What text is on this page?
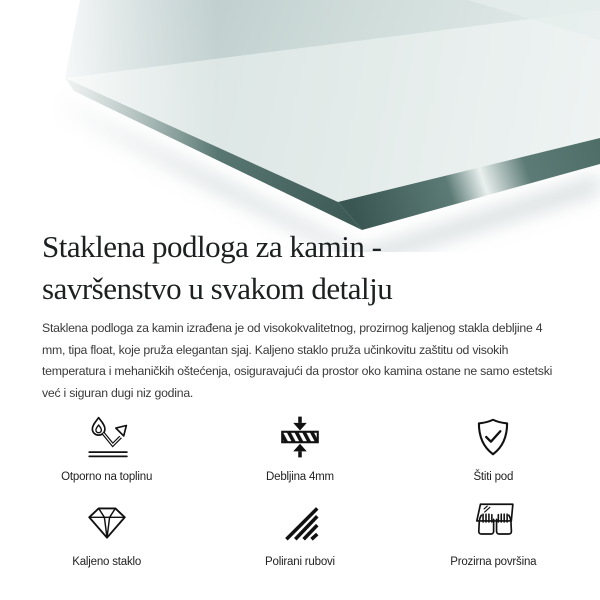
Staklena podloga za kamin -
savršenstvo u svakom detalju

Staklena podloga za kamin izrađena je od visokokvalitetnog, prozirnog kaljenog stakla debljine 4 mm, tipa float, koje pruža elegantan sjaj. Kaljeno staklo pruža učinkovitu zaštitu od visokih temperatura i mehaničkih oštećenja, osiguravajući da prostor oko kamina ostane ne samo estetski već i siguran dugi niz godina.

Otporno na toplinu	Debljina 4mm	Štiti pod
Kaljeno staklo	Polirani rubovi	Prozirna površina
